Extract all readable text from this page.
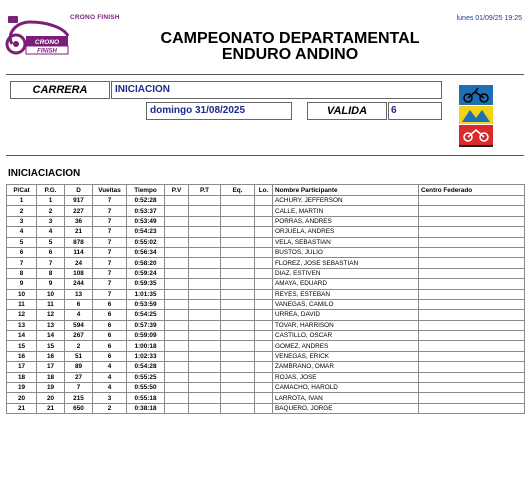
CRONO
FINISH
CRONO FINISH	lunes 01/09/25 19:25
CAMPEONATO DEPARTAMENTAL
ENDURO ANDINO
CARRERA	INICIACION
domingo 31/08/2025	VALIDA	6
INICIACIACION
P/Cat	P.G.	D	Vueltas	Tiempo	P.V	P.T	Eq.	Lo.	Nombre Participante	Centro Federado
1	1	917	7	0:52:28					ACHURY, JEFFERSON	
2	2	227	7	0:53:37					CALLE, MARTIN	
3	3	36	7	0:53:49					PORRAS, ANDRES	
4	4	21	7	0:54:23					ORJUELA, ANDRES	
5	5	878	7	0:55:02					VELA, SEBASTIAN	
6	6	114	7	0:56:34					BUSTOS, JULIO	
7	7	24	7	0:58:20					FLOREZ, JOSE SEBASTIAN	
8	8	108	7	0:59:24					DIAZ, ESTIVEN	
9	9	244	7	0:59:35					AMAYA, EDUARD	
10	10	13	7	1:01:35					REYES, ESTEBAN	
11	11	6	6	0:53:59					VANEGAS, CAMILO	
12	12	4	6	0:54:25					URREA, DAVID	
13	13	594	6	0:57:39					TOVAR, HARRISON	
14	14	267	6	0:59:09					CASTILLO, OSCAR	
15	15	2	6	1:00:18					GOMEZ, ANDRES	
16	16	51	6	1:02:33					VENEGAS, ERICK	
17	17	89	4	0:54:28					ZAMBRANO, OMAR	
18	18	27	4	0:55:25					ROJAS, JOSE	
19	19	7	4	0:55:50					CAMACHO, HAROLD	
20	20	215	3	0:55:18					LARROTA, IVAN	
21	21	650	2	0:38:18					BAQUERO, JORGE	
